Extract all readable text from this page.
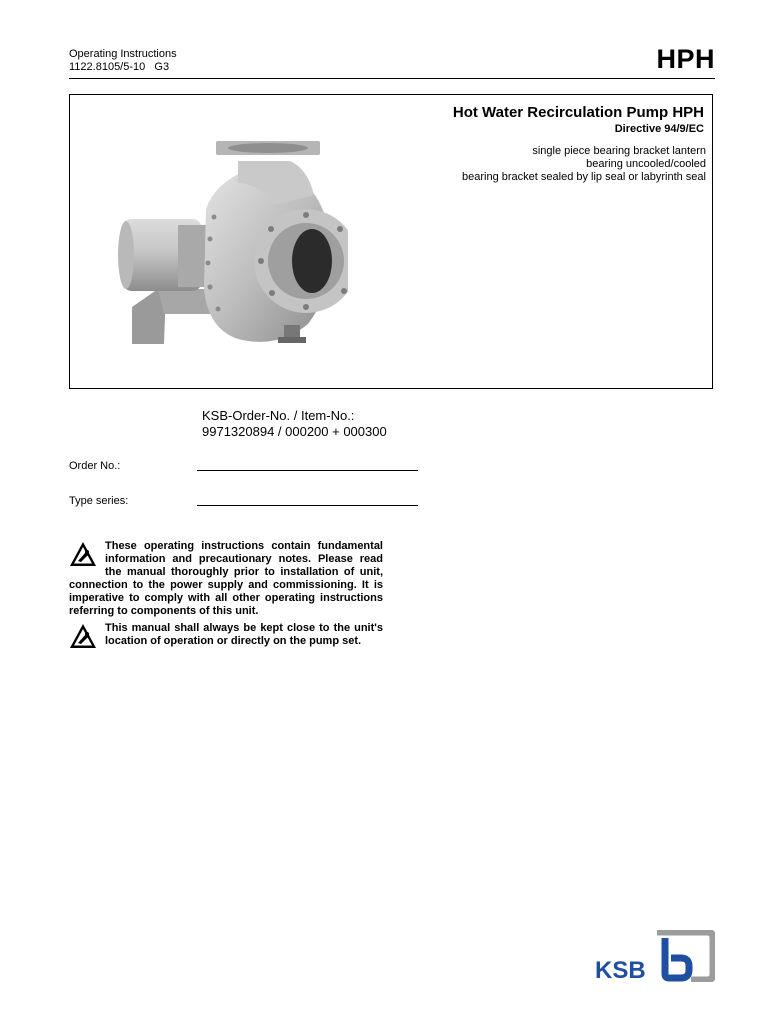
Operating Instructions
1122.8105/5-10   G3	HPH
Hot Water Recirculation Pump HPH
Directive 94/9/EC
single piece bearing bracket lantern
bearing uncooled/cooled
bearing bracket sealed by lip seal or labyrinth seal
KSB-Order-No. / Item-No.:
9971320894 / 000200 + 000300
Order No.:
Type series:
These operating instructions contain fundamental information and precautionary notes. Please read the manual thoroughly prior to installation of unit, connection to the power supply and commissioning. It is imperative to comply with all other operating instructions referring to components of this unit.
This manual shall always be kept close to the unit's location of operation or directly on the pump set.
KSB
